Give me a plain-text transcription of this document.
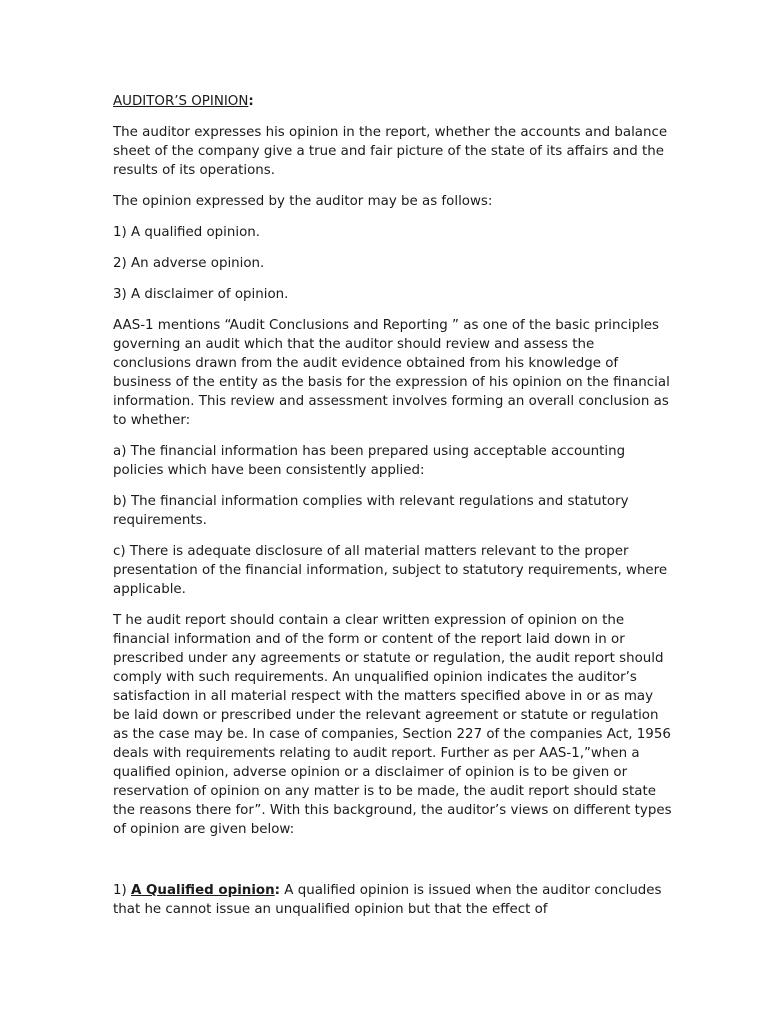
AUDITOR’S OPINION:

The auditor expresses his opinion in the report, whether the accounts and balance sheet of the company give a true and fair picture of the state of its affairs and the results of its operations.

The opinion expressed by the auditor may be as follows:

1) A qualified opinion.

2) An adverse opinion.

3) A disclaimer of opinion.

AAS-1 mentions “Audit Conclusions and Reporting ” as one of the basic principles governing an audit which that the auditor should review and assess the conclusions drawn from the audit evidence obtained from his knowledge of business of the entity as the basis for the expression of his opinion on the financial information. This review and assessment involves forming an overall conclusion as to whether:

a) The financial information has been prepared using acceptable accounting policies which have been consistently applied:

b) The financial information complies with relevant regulations and statutory requirements.

c) There is adequate disclosure of all material matters relevant to the proper presentation of the financial information, subject to statutory requirements, where applicable.

T he audit report should contain a clear written expression of opinion on the financial information and of the form or content of the report laid down in or prescribed under any agreements or statute or regulation, the audit report should comply with such requirements. An unqualified opinion indicates the auditor’s satisfaction in all material respect with the matters specified above in or as may be laid down or prescribed under the relevant agreement or statute or regulation as the case may be. In case of companies, Section 227 of the companies Act, 1956 deals with requirements relating to audit report. Further as per AAS-1,”when a qualified opinion, adverse opinion or a disclaimer of opinion is to be given or reservation of opinion on any matter is to be made, the audit report should state the reasons there for”. With this background, the auditor’s views on different types of opinion are given below:

1) A Qualified opinion: A qualified opinion is issued when the auditor concludes that he cannot issue an unqualified opinion but that the effect of
